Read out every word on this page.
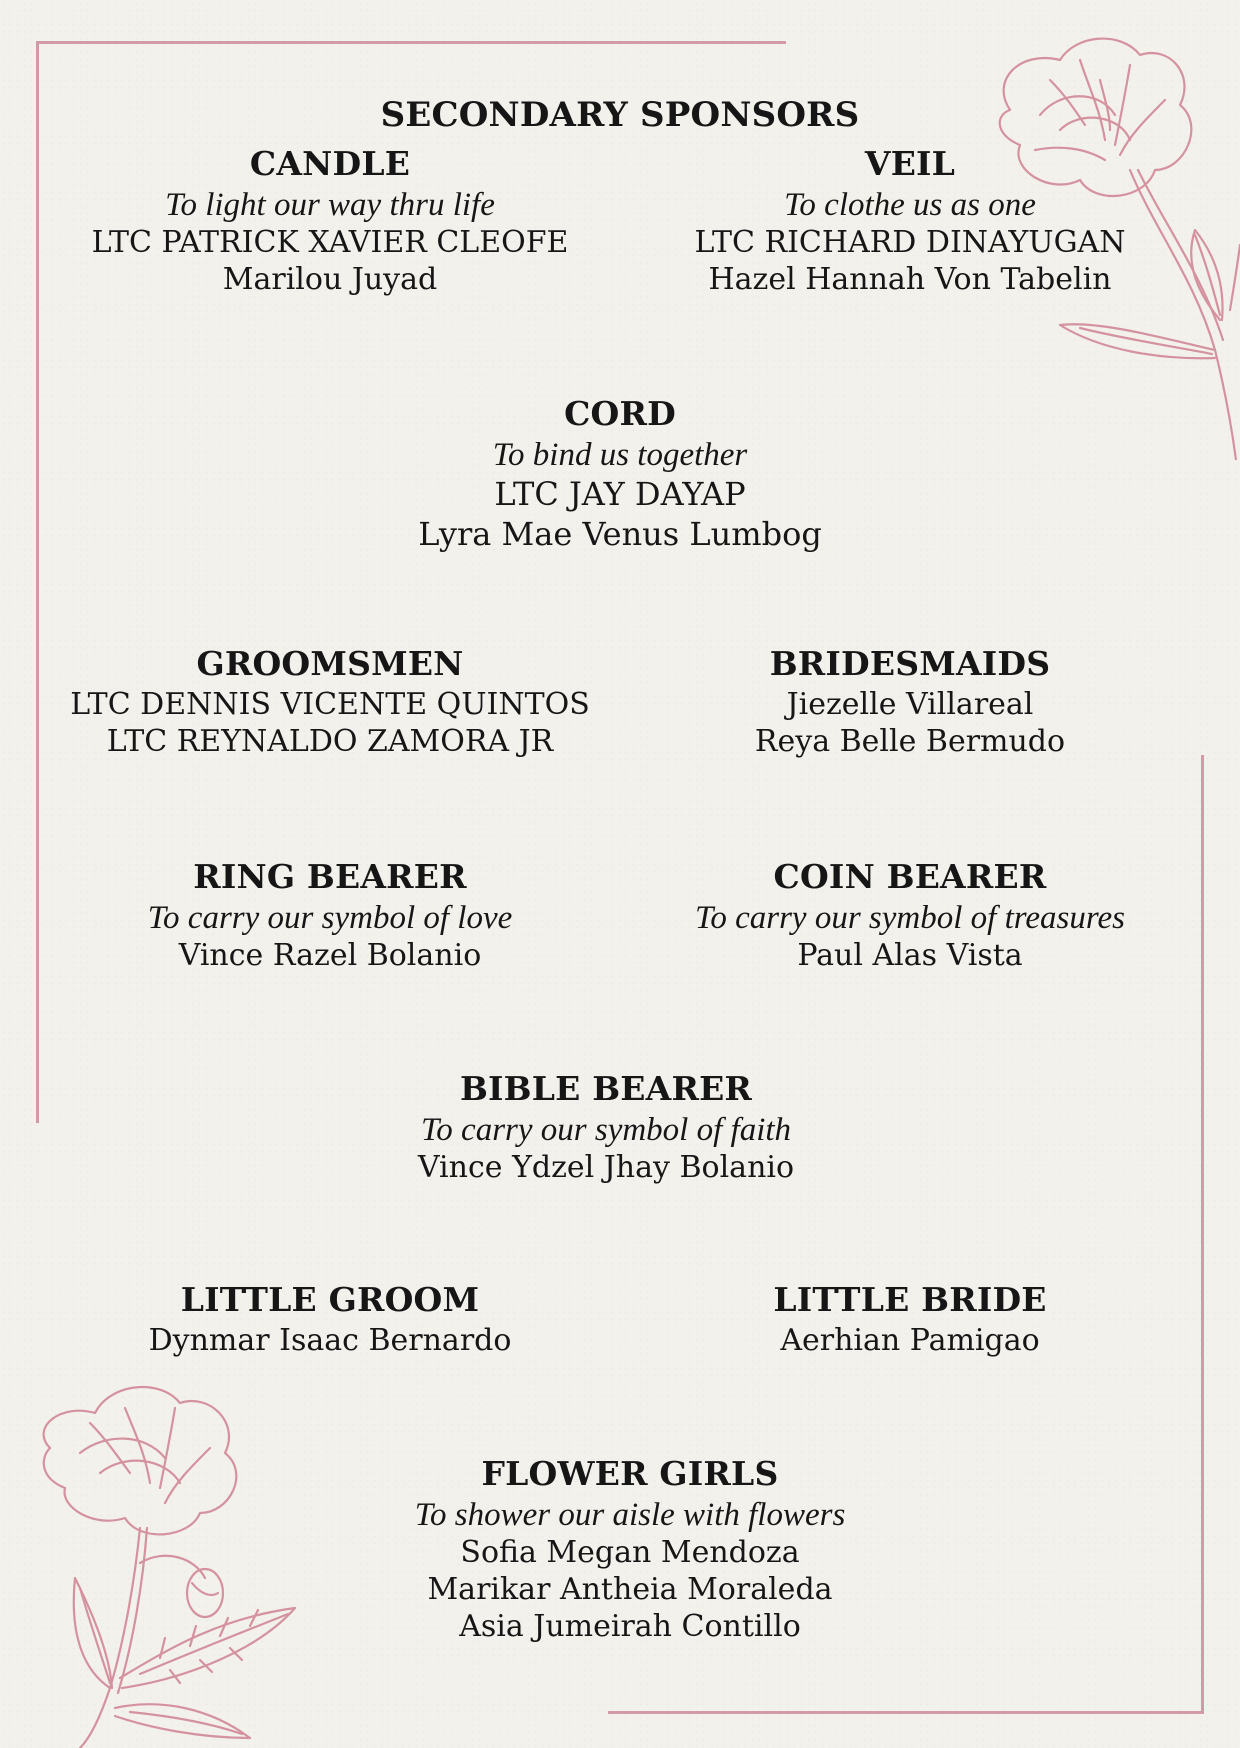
SECONDARY SPONSORS

CANDLE

To light our way thru life

LTC PATRICK XAVIER CLEOFE

Marilou Juyad

VEIL

To clothe us as one

LTC RICHARD DINAYUGAN

Hazel Hannah Von Tabelin

CORD

To bind us together

LTC JAY DAYAP

Lyra Mae Venus Lumbog

GROOMSMEN

LTC DENNIS VICENTE QUINTOS

LTC REYNALDO ZAMORA JR

BRIDESMAIDS

Jiezelle Villareal

Reya Belle Bermudo

RING BEARER

To carry our symbol of love

Vince Razel Bolanio

COIN BEARER

To carry our symbol of treasures

Paul Alas Vista

BIBLE BEARER

To carry our symbol of faith

Vince Ydzel Jhay Bolanio

LITTLE GROOM

Dynmar Isaac Bernardo

LITTLE BRIDE

Aerhian Pamigao

FLOWER GIRLS

To shower our aisle with flowers

Sofia Megan Mendoza

Marikar Antheia Moraleda

Asia Jumeirah Contillo
